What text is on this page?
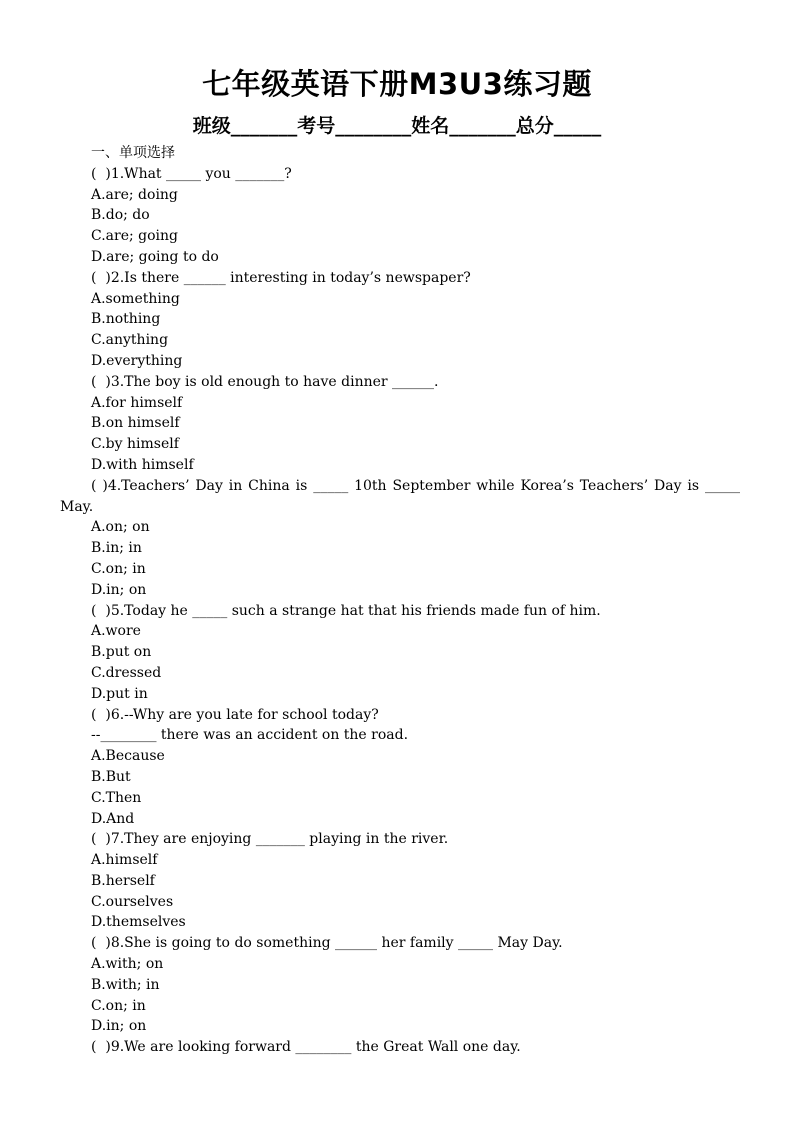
七年级英语下册M3U3练习题
班级_______考号________姓名_______总分_____
一、单项选择
(  )1.What _____ you _______?
A.are; doing
B.do; do
C.are; going
D.are; going to do
(  )2.Is there ______ interesting in today’s newspaper?
A.something
B.nothing
C.anything
D.everything
(  )3.The boy is old enough to have dinner ______.
A.for himself
B.on himself
C.by himself
D.with himself
( )4.Teachers’ Day in China is _____ 10th September while Korea’s Teachers’ Day is _____ May.
A.on; on
B.in; in
C.on; in
D.in; on
(  )5.Today he _____ such a strange hat that his friends made fun of him.
A.wore
B.put on
C.dressed
D.put in
(  )6.--Why are you late for school today?
--________ there was an accident on the road.
A.Because
B.But
C.Then
D.And
(  )7.They are enjoying _______ playing in the river.
A.himself
B.herself
C.ourselves
D.themselves
(  )8.She is going to do something ______ her family _____ May Day.
A.with; on
B.with; in
C.on; in
D.in; on
(  )9.We are looking forward ________ the Great Wall one day.
